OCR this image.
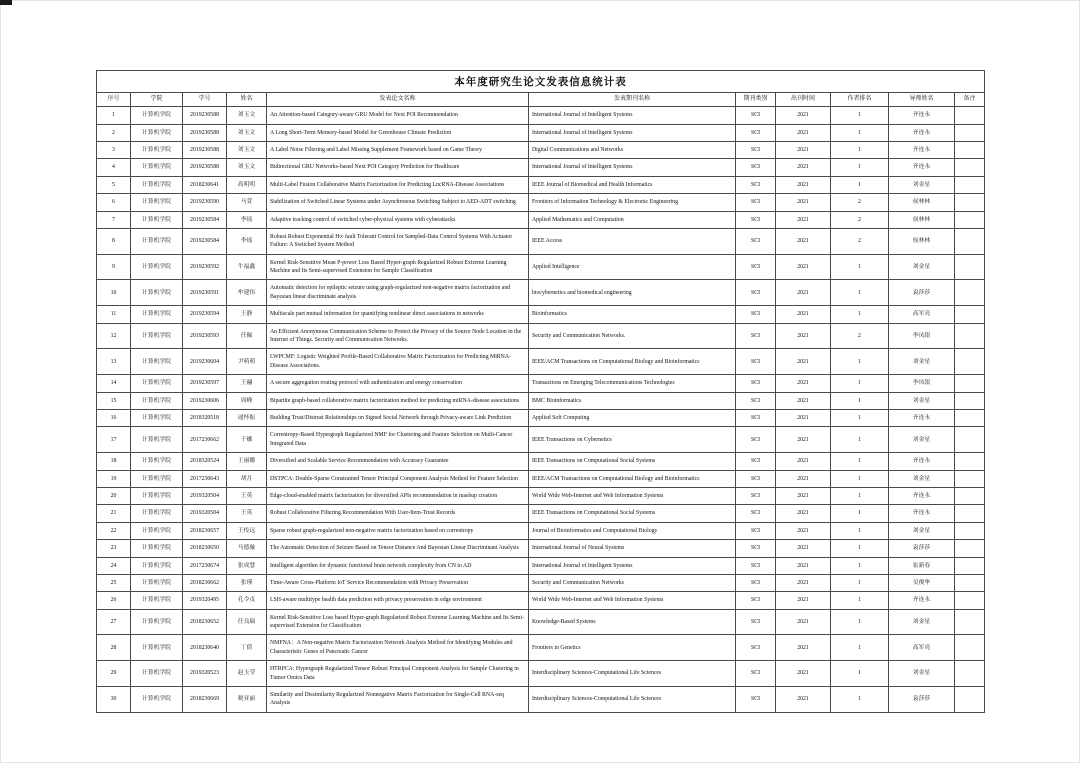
本年度研究生论文发表信息统计表										
序号	学院	学号	姓名	发表论文名称	发表期刊名称	期刊类别	出刊时间	作者排名	导师姓名	备注
1	计算机学院	2019230588	刘玉文	An Attention-based Category-aware GRU Model for Next POI Recommendation	International Journal of Intelligent Systems	SCI	2021	1	齐连永	
2	计算机学院	2019230588	刘玉文	A Long Short-Term Memory-based Model for Greenhouse Climate Prediction	International Journal of Intelligent Systems	SCI	2021	1	齐连永	
3	计算机学院	2019230588	刘玉文	A Label Noise Filtering and Label Missing Supplement Framework based on Game Theory	Digital Communications and Networks	SCI	2021	1	齐连永	
4	计算机学院	2019230588	刘玉文	Bidirectional GRU Networks-based Next POI Category Prediction for Healthcare	International Journal of Intelligent Systems	SCI	2021	1	齐连永	
5	计算机学院	2018230641	高明明	Multi-Label Fusion Collaborative Matrix Factorization for Predicting LncRNA-Disease Associations	IEEE Journal of Biomedical and Health Informatics	SCI	2021	1	刘金星	
6	计算机学院	2019230590	马萱	Stabilization of Switched Linear Systems under Asynchronous Switching Subject to AED-ADT switching	Frontiers of Information Technology & Electronic Engineering	SCI	2021	2	侯林林	
7	计算机学院	2019230584	李瑶	Adaptive tracking control of switched cyber-physical systems with cyberattacks	Applied Mathematics and Computation	SCI	2021	2	侯林林	
8	计算机学院	2019230584	李瑶	Robust Robust Exponential H∞ fault Tolerant Control for Sampled-Data Control Systems With Actuator Failure: A Switched System Method	IEEE Access	SCI	2021	2	侯林林	
9	计算机学院	2019230592	牛福鑫	Kernel Risk-Sensitive Mean P-power Loss Based Hyper-graph Regularized Robust Extreme Learning Machine and Its Semi-supervised Extension for Sample Classification	Applied Intelligence	SCI	2021	1	刘金星	
10	计算机学院	2019230591	牟建伟	Automatic detection for epileptic seizure using graph-regularized non-negative matrix factorization and Bayesian linear discriminate analysis	biocybernetics and biomedical engineering	SCI	2021	1	袁莎莎	
11	计算机学院	2019230594	王静	Multiscale part mutual information for quantifying nonlinear direct associations in networks	Bioinformatics	SCI	2021	1	高军亮	
12	计算机学院	2019230593	任佩	An Efficient Anonymous Communication Scheme to Protect the Privacy of the Source Node Location in the Internet of Things. Security and Communication Networks.	Security and Communication Networks.	SCI	2021	2	李凤银	
13	计算机学院	2019230604	尹萌萌	LWPCMF: Logistic Weighted Profile-Based Collaborative Matrix Factorization for Predicting MiRNA-Disease Associations.	IEEE/ACM Transactions on Computational Biology and Bioinformatics	SCI	2021	1	刘金星	
14	计算机学院	2019230597	王翮	A secure aggregation routing protocol with authentication and energy conservation	Transactions on Emerging Telecommunications Technologies	SCI	2021	1	李凤银	
15	计算机学院	2019230606	周峰	Bipartite graph-based collaborative matrix factorization method for predicting miRNA-disease associations	BMC Bioinformatics	SCI	2021	1	刘金星	
16	计算机学院	2018320518	逯怀振	Building Trust/Distrust Relationships on Signed Social Network through Privacy-aware Link Prediction	Applied Soft Computing	SCI	2021	1	齐连永	
17	计算机学院	2017230662	于娜	Correntropy-Based Hypergraph Regularized NMF for Clustering and Feature Selection on Multi-Cancer Integrated Data	IEEE Transactions on Cybernetics	SCI	2021	1	刘金星	
18	计算机学院	2018320524	王丽娜	Diversified and Scalable Service Recommendation with Accuracy Guarantee	IEEE Transactions on Computational Social Systems	SCI	2021	1	齐连永	
19	计算机学院	2017230643	胡月	DSTPCA: Double-Sparse Constrained Tensor Principal Component Analysis Method for Feature Selection	IEEE/ACM Transactions on Computational Biology and Bioinformatics	SCI	2021	1	刘金星	
20	计算机学院	2019320504	王英	Edge-cloud-enabled matrix factorization for diversified APIs recommendation in mashup creation	World Wide Web-Internet and Web Information Systems	SCI	2021	1	齐连永	
21	计算机学院	2019320504	王英	Robust Collaborative Filtering Recommendation With User-Item-Trust Records	IEEE Transactions on Computational Social Systems	SCI	2021	1	齐连永	
22	计算机学院	2018230657	王传远	Sparse robust graph-regularized non-negative matrix factorization based on correntropy	Journal of Bioinformatics and Computational Biology	SCI	2021	1	刘金星	
23	计算机学院	2018230650	马德璇	The Automatic Detection of Seizure Based on Tensor Distance And Bayesian Linear Discriminant Analysis	International Journal of Neural Systems	SCI	2021	1	袁莎莎	
24	计算机学院	2017230674	张成慧	Intelligent algorithm for dynamic functional brain network complexity from CN to AD	International Journal of Intelligent Systems	SCI	2021	1	崔新春	
25	计算机学院	2018230662	张瑾	Time-Aware Cross-Platform IoT Service Recommendation with Privacy Preservation	Security and Communication Networks	SCI	2021	1	吴俊华	
26	计算机学院	2019320495	孔令贞	LSH-aware multitype health data prediction with privacy preservation in edge environment	World Wide Web-Internet and Web Information Systems	SCI	2021	1	齐连永	
27	计算机学院	2018230652	任良瑞	Kernel Risk-Sensitive Loss based Hyper-graph Regularized Robust Extreme Learning Machine and Its Semi-supervised Extension for Classification	Knowledge-Based Systems	SCI	2021	1	刘金星	
28	计算机学院	2018230640	丁倩	NMFNA：A Non-negative Matrix Factorization Network Analysis Method for Identifying Modules and Characteristic Genes of Pancreatic Cancer	Frontiers in Genetics	SCI	2021	1	高军亮	
29	计算机学院	2019320523	赵玉莹	HTRPCA: Hypergraph Regularized Tensor Robust Principal Component Analysis for Sample Clustering in Tumor Omics Data	Interdisciplinary Sciences-Computational Life Sciences	SCI	2021	1	刘金星	
30	计算机学院	2018230669	税亚丽	Similarity and Dissimilarity Regularized Nonnegative Matrix Factorization for Single-Cell RNA-seq Analysis	Interdisciplinary Sciences-Computational Life Sciences	SCI	2021	1	袁莎莎	
